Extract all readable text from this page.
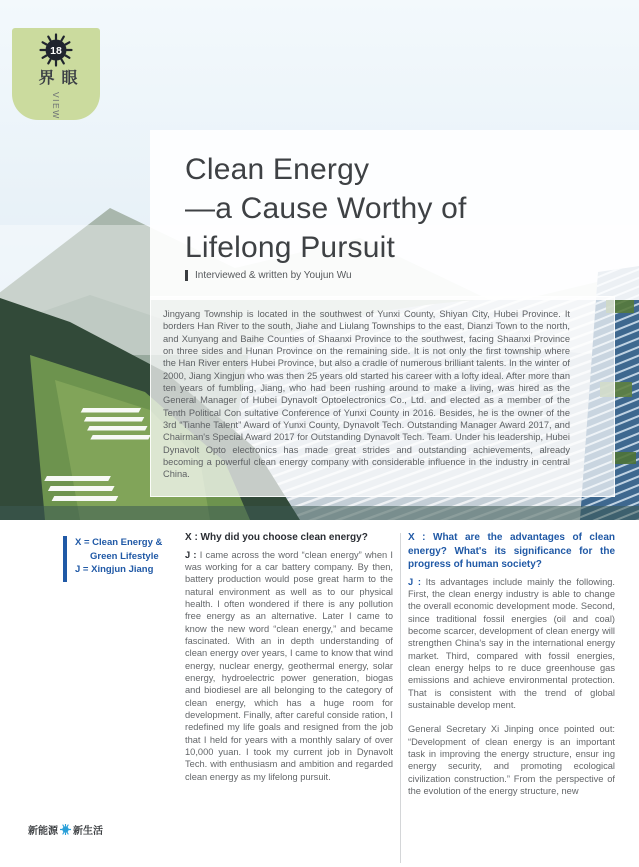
18
眼界
VIEW
Clean Energy
—a Cause Worthy of
Lifelong Pursuit
Interviewed & written by Youjun Wu
Jingyang Township is located in the southwest of Yunxi County, Shiyan City, Hubei Province. It borders Han River to the south, Jiahe and Liulang Townships to the east, Dianzi Town to the north, and Xunyang and Baihe Counties of Shaanxi Province to the southwest, facing Shaanxi Province on three sides and Hunan Province on the remaining side. It is not only the first township where the Han River enters Hubei Province, but also a cradle of numerous brilliant talents. In the winter of 2000, Jiang Xingjun who was then 25 years old started his career with a lofty ideal. After more than ten years of fumbling, Jiang, who had been rushing around to make a living, was hired as the General Manager of Hubei Dynavolt Optoelectronics Co., Ltd. and elected as a member of the Tenth Political Con sultative Conference of Yunxi County in 2016. Besides, he is the owner of the 3rd “Tianhe Talent” Award of Yunxi County, Dynavolt Tech. Outstanding Manager Award 2017, and Chairman's Special Award 2017 for Outstanding Dynavolt Tech. Team. Under his leadership, Hubei Dynavolt Opto electronics has made great strides and outstanding achievements, already becoming a powerful clean energy company with considerable influence in the industry in central China.
X = Clean Energy &
Green Lifestyle
J = Xingjun Jiang

X : Why did you choose clean energy?

J : I came across the word “clean energy” when I was working for a car battery company. By then, battery production would pose great harm to the natural environment as well as to our physical health. I often wondered if there is any pollution free energy as an alternative. Later I came to know the new word “clean energy,” and became fascinated. With an in depth understanding of clean energy over years, I came to know that wind energy, nuclear energy, geothermal energy, solar energy, hydroelectric power generation, biogas and biodiesel are all belonging to the category of clean energy, which has a huge room for development. Finally, after careful conside ration, I redefined my life goals and resigned from the job that I held for years with a monthly salary of over 10,000 yuan. I took my current job in Dynavolt Tech. with enthusiasm and ambition and regarded clean energy as my lifelong pursuit.

X : What are the advantages of clean energy? What's its significance for the progress of human society?

J : Its advantages include mainly the following. First, the clean energy industry is able to change the overall economic development mode. Second, since traditional fossil energies (oil and coal) become scarcer, development of clean energy will strengthen China's say in the international energy market. Third, compared with fossil energies, clean energy helps to re duce greenhouse gas emissions and achieve environmental protection. That is consistent with the trend of global sustainable develop ment.

General Secretary Xi Jinping once pointed out: “Development of clean energy is an important task in improving the energy structure, ensur ing energy security, and promoting ecological civilization construction.” From the perspective of the evolution of the energy structure, new

新能源 新生活
